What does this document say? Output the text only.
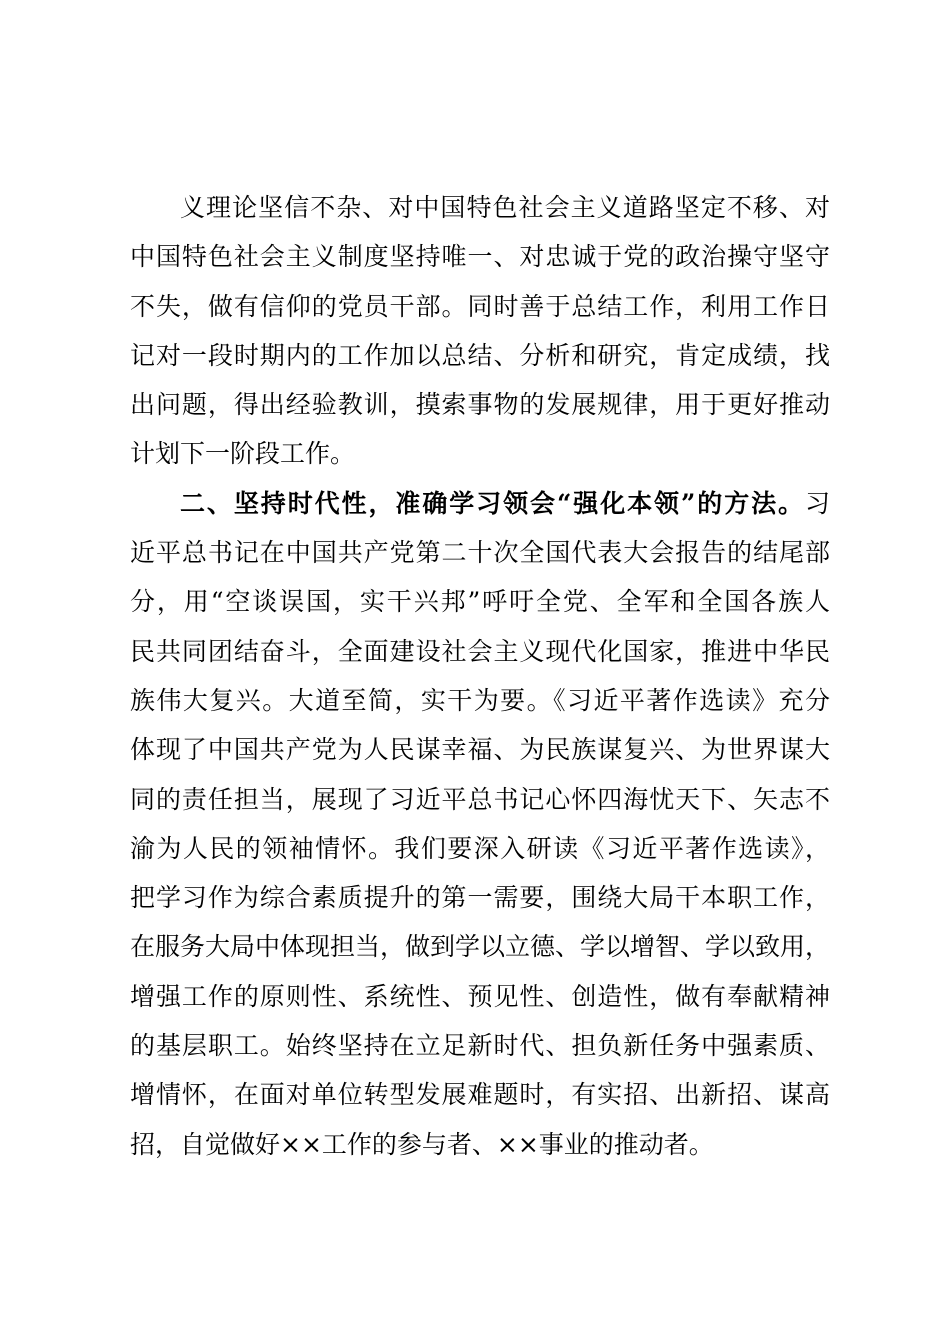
义理论坚信不杂、对中国特色社会主义道路坚定不移、对
中国特色社会主义制度坚持唯一、对忠诚于党的政治操守坚守
不失，做有信仰的党员干部。同时善于总结工作，利用工作日
记对一段时期内的工作加以总结、分析和研究，肯定成绩，找
出问题，得出经验教训，摸索事物的发展规律，用于更好推动
计划下一阶段工作。
二、坚持时代性，准确学习领会“强化本领”的方法。习
近平总书记在中国共产党第二十次全国代表大会报告的结尾部
分，用“空谈误国，实干兴邦”呼吁全党、全军和全国各族人
民共同团结奋斗，全面建设社会主义现代化国家，推进中华民
族伟大复兴。大道至简，实干为要。《习近平著作选读》充分
体现了中国共产党为人民谋幸福、为民族谋复兴、为世界谋大
同的责任担当，展现了习近平总书记心怀四海忧天下、矢志不
渝为人民的领袖情怀。我们要深入研读《习近平著作选读》，
把学习作为综合素质提升的第一需要，围绕大局干本职工作，
在服务大局中体现担当，做到学以立德、学以增智、学以致用，
增强工作的原则性、系统性、预见性、创造性，做有奉献精神
的基层职工。始终坚持在立足新时代、担负新任务中强素质、
增情怀，在面对单位转型发展难题时，有实招、出新招、谋高
招，自觉做好××工作的参与者、××事业的推动者。
